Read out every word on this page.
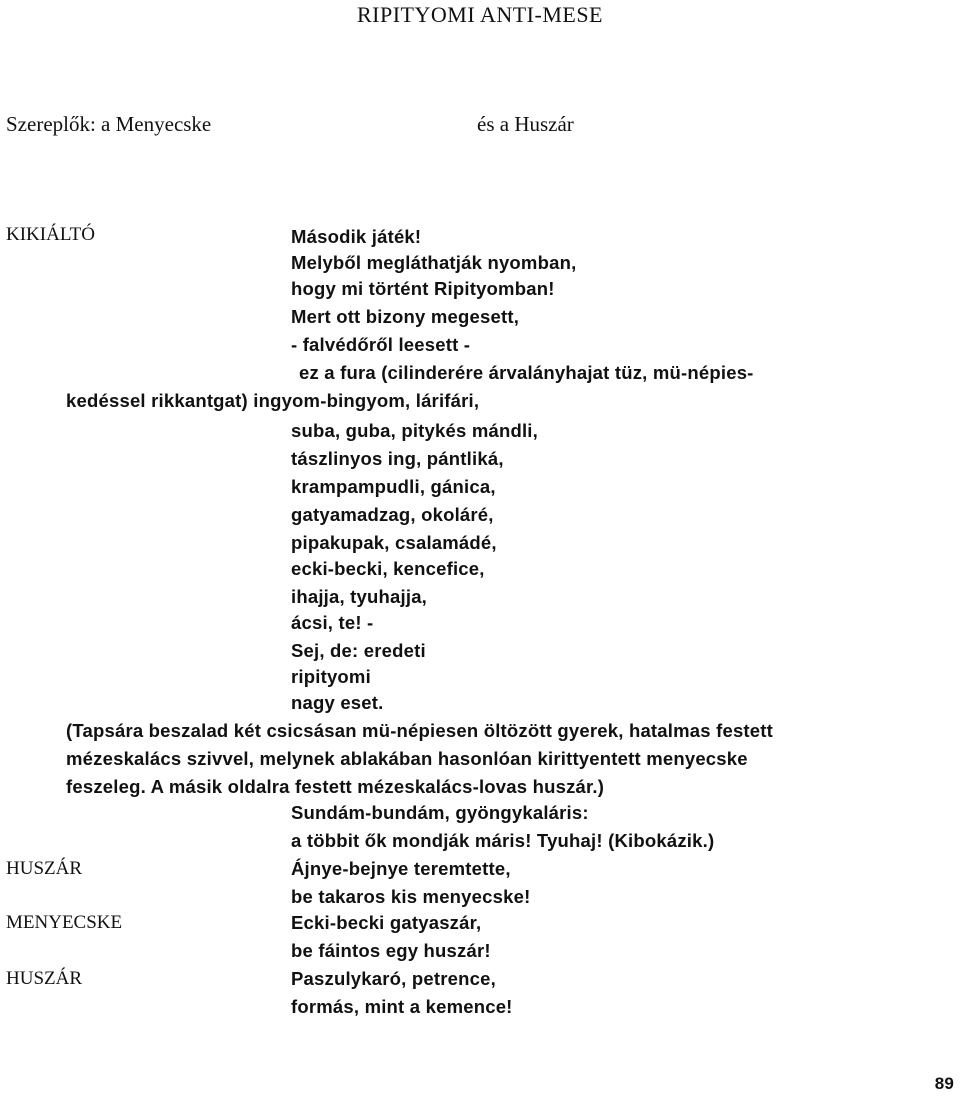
RIPITYOMI ANTI-MESE
Szereplők: a Menyecske	és a Huszár
KIKIÁLTÓ	Második játék!
Melyből megláthatják nyomban,
hogy mi történt Ripityomban!
Mert ott bizony megesett,
- falvédőről leesett -
ez a fura (cilinderére árvalányhajat tüz, mü-népies-
kedéssel rikkantgat) ingyom-bingyom, lárifári,
suba, guba, pitykés mándli,
tászlinyos ing, pántliká,
krampampudli, gánica,
gatyamadzag, okoláré,
pipakupak, csalamádé,
ecki-becki, kencefice,
ihajja, tyuhajja,
ácsi, te! -
Sej, de: eredeti
ripityomi
nagy eset.
(Tapsára beszalad két csicsásan mü-népiesen öltözött gyerek, hatalmas festett
mézeskalács szivvel, melynek ablakában hasonlóan kirittyentett menyecske
feszeleg. A másik oldalra festett mézeskalács-lovas huszár.)
Sundám-bundám, gyöngykaláris:
a többit ők mondják máris! Tyuhaj! (Kibokázik.)
HUSZÁR	Ájnye-bejnye teremtette,
be takaros kis menyecske!
MENYECSKE	Ecki-becki gatyaszár,
be fáintos egy huszár!
HUSZÁR	Paszulykaró, petrence,
formás, mint a kemence!
89
